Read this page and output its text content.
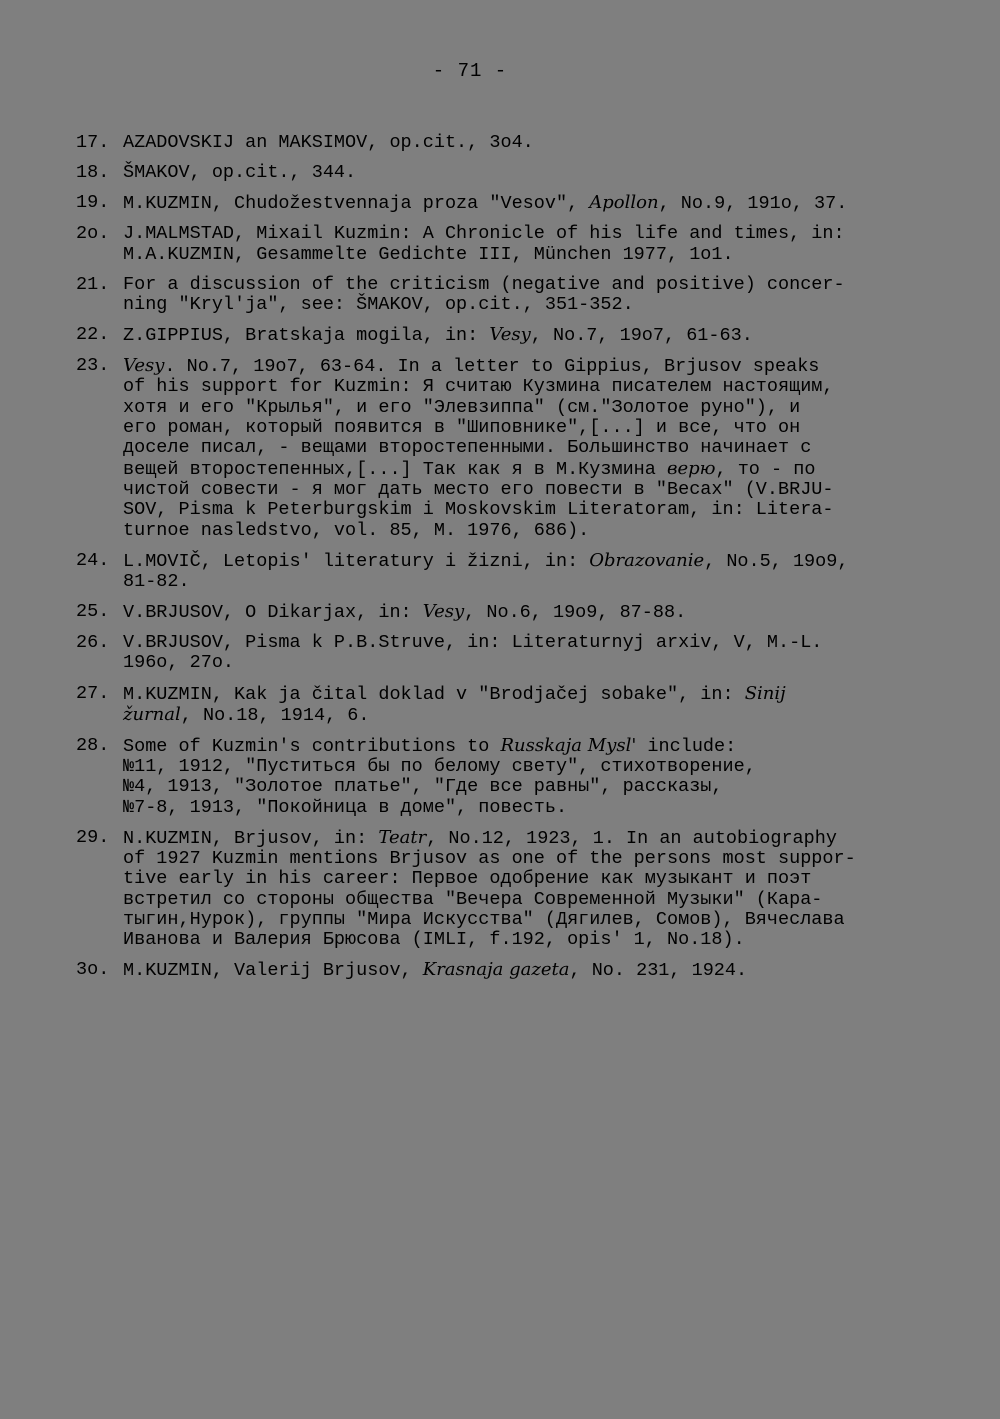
- 71 -
17. AZADOVSKIJ an MAKSIMOV, op.cit., 3o4.
18. ŠMAKOV, op.cit., 344.
19. M.KUZMIN, Chudožestvennaja proza "Vesov", Apollon, No.9, 191o, 37.
2o. J.MALMSTAD, Mixail Kuzmin: A Chronicle of his life and times, in:
M.A.KUZMIN, Gesammelte Gedichte III, München 1977, 1o1.
21. For a discussion of the criticism (negative and positive) concer-
ning "Kryl'ja", see: ŠMAKOV, op.cit., 351-352.
22. Z.GIPPIUS, Bratskaja mogila, in: Vesy, No.7, 19o7, 61-63.
23. Vesy. No.7, 19o7, 63-64. In a letter to Gippius, Brjusov speaks
of his support for Kuzmin: Я считаю Кузмина писателем настоящим,
хотя и его "Крылья", и его "Элевзиппа" (см."Золотое руно"), и
его роман, который появится в "Шиповнике",[...] и все, что он
доселе писал, - вещами второстепенными. Большинство начинает с
вещей второстепенных,[...] Так как я в М.Кузмина верю, то - по
чистой совести - я мог дать место его повести в "Весах" (V.BRJU-
SOV, Pisma k Peterburgskim i Moskovskim Literatoram, in: Litera-
turnoe nasledstvo, vol. 85, M. 1976, 686).
24. L.MOVIČ, Letopis' literatury i žizni, in: Obrazovanie, No.5, 19o9,
81-82.
25. V.BRJUSOV, O Dikarjax, in: Vesy, No.6, 19o9, 87-88.
26. V.BRJUSOV, Pisma k P.B.Struve, in: Literaturnyj arxiv, V, M.-L.
196o, 27o.
27. M.KUZMIN, Kak ja čital doklad v "Brodjačej sobake", in: Sinij
žurnal, No.18, 1914, 6.
28. Some of Kuzmin's contributions to Russkaja Mysl' include:
№11, 1912, "Пуститься бы по белому свету", стихотворение,
№4, 1913, "Золотое платье", "Где все равны", рассказы,
№7-8, 1913, "Покойница в доме", повесть.
29. N.KUZMIN, Brjusov, in: Teatr, No.12, 1923, 1. In an autobiography
of 1927 Kuzmin mentions Brjusov as one of the persons most suppor-
tive early in his career: Первое одобрение как музыкант и поэт
встретил со стороны общества "Вечера Современной Музыки" (Кара-
тыгин,Нурок), группы "Мира Искусства" (Дягилев, Сомов), Вячеслава
Иванова и Валерия Брюсова (IMLI, f.192, opis' 1, No.18).
3o. M.KUZMIN, Valerij Brjusov, Krasnaja gazeta, No. 231, 1924.
